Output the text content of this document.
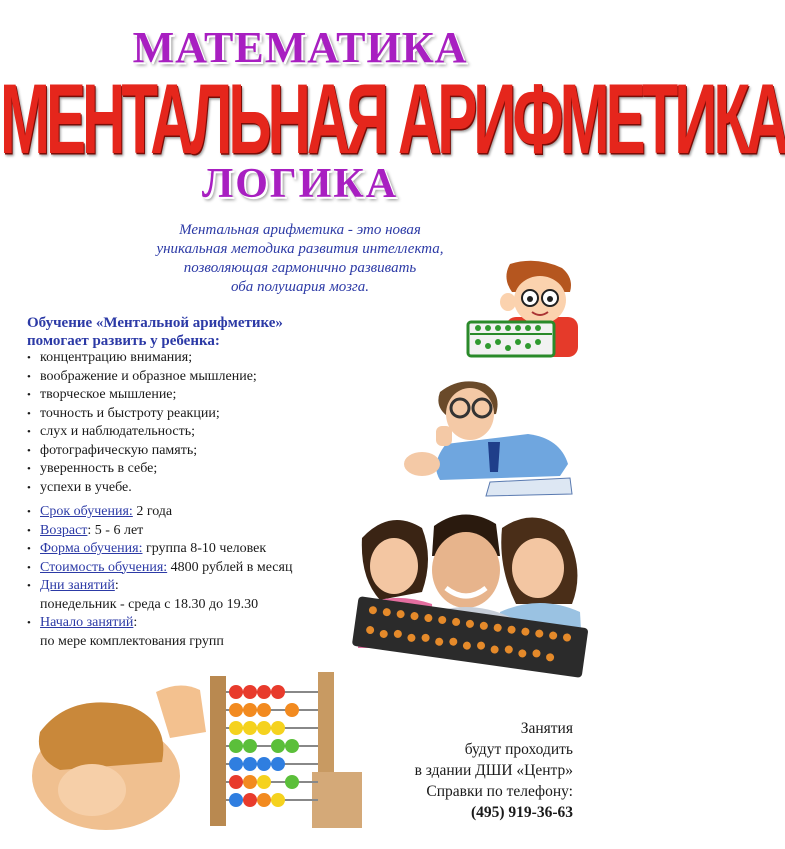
МАТЕМАТИКА
МЕНТАЛЬНАЯ АРИФМЕТИКА
ЛОГИКА
Ментальная арифметика - это новая
уникальная методика развития интеллекта,
позволяющая гармонично развивать
оба полушария мозга.
Обучение «Ментальной арифметике»
помогает развить у ребенка:
• концентрацию внимания;
• воображение и образное мышление;
• творческое мышление;
• точность и быстроту реакции;
• слух и наблюдательность;
• фотографическую память;
• уверенность в себе;
• успехи в учебе.
• Срок обучения: 2 года
• Возраст: 5 - 6 лет
• Форма обучения: группа 8-10 человек
• Стоимость обучения: 4800 рублей в месяц
• Дни занятий:
понедельник - среда с 18.30 до 19.30
• Начало занятий:
по мере комплектования групп
Занятия
будут проходить
в здании ДШИ «Центр»
Справки по телефону:
(495) 919-36-63
